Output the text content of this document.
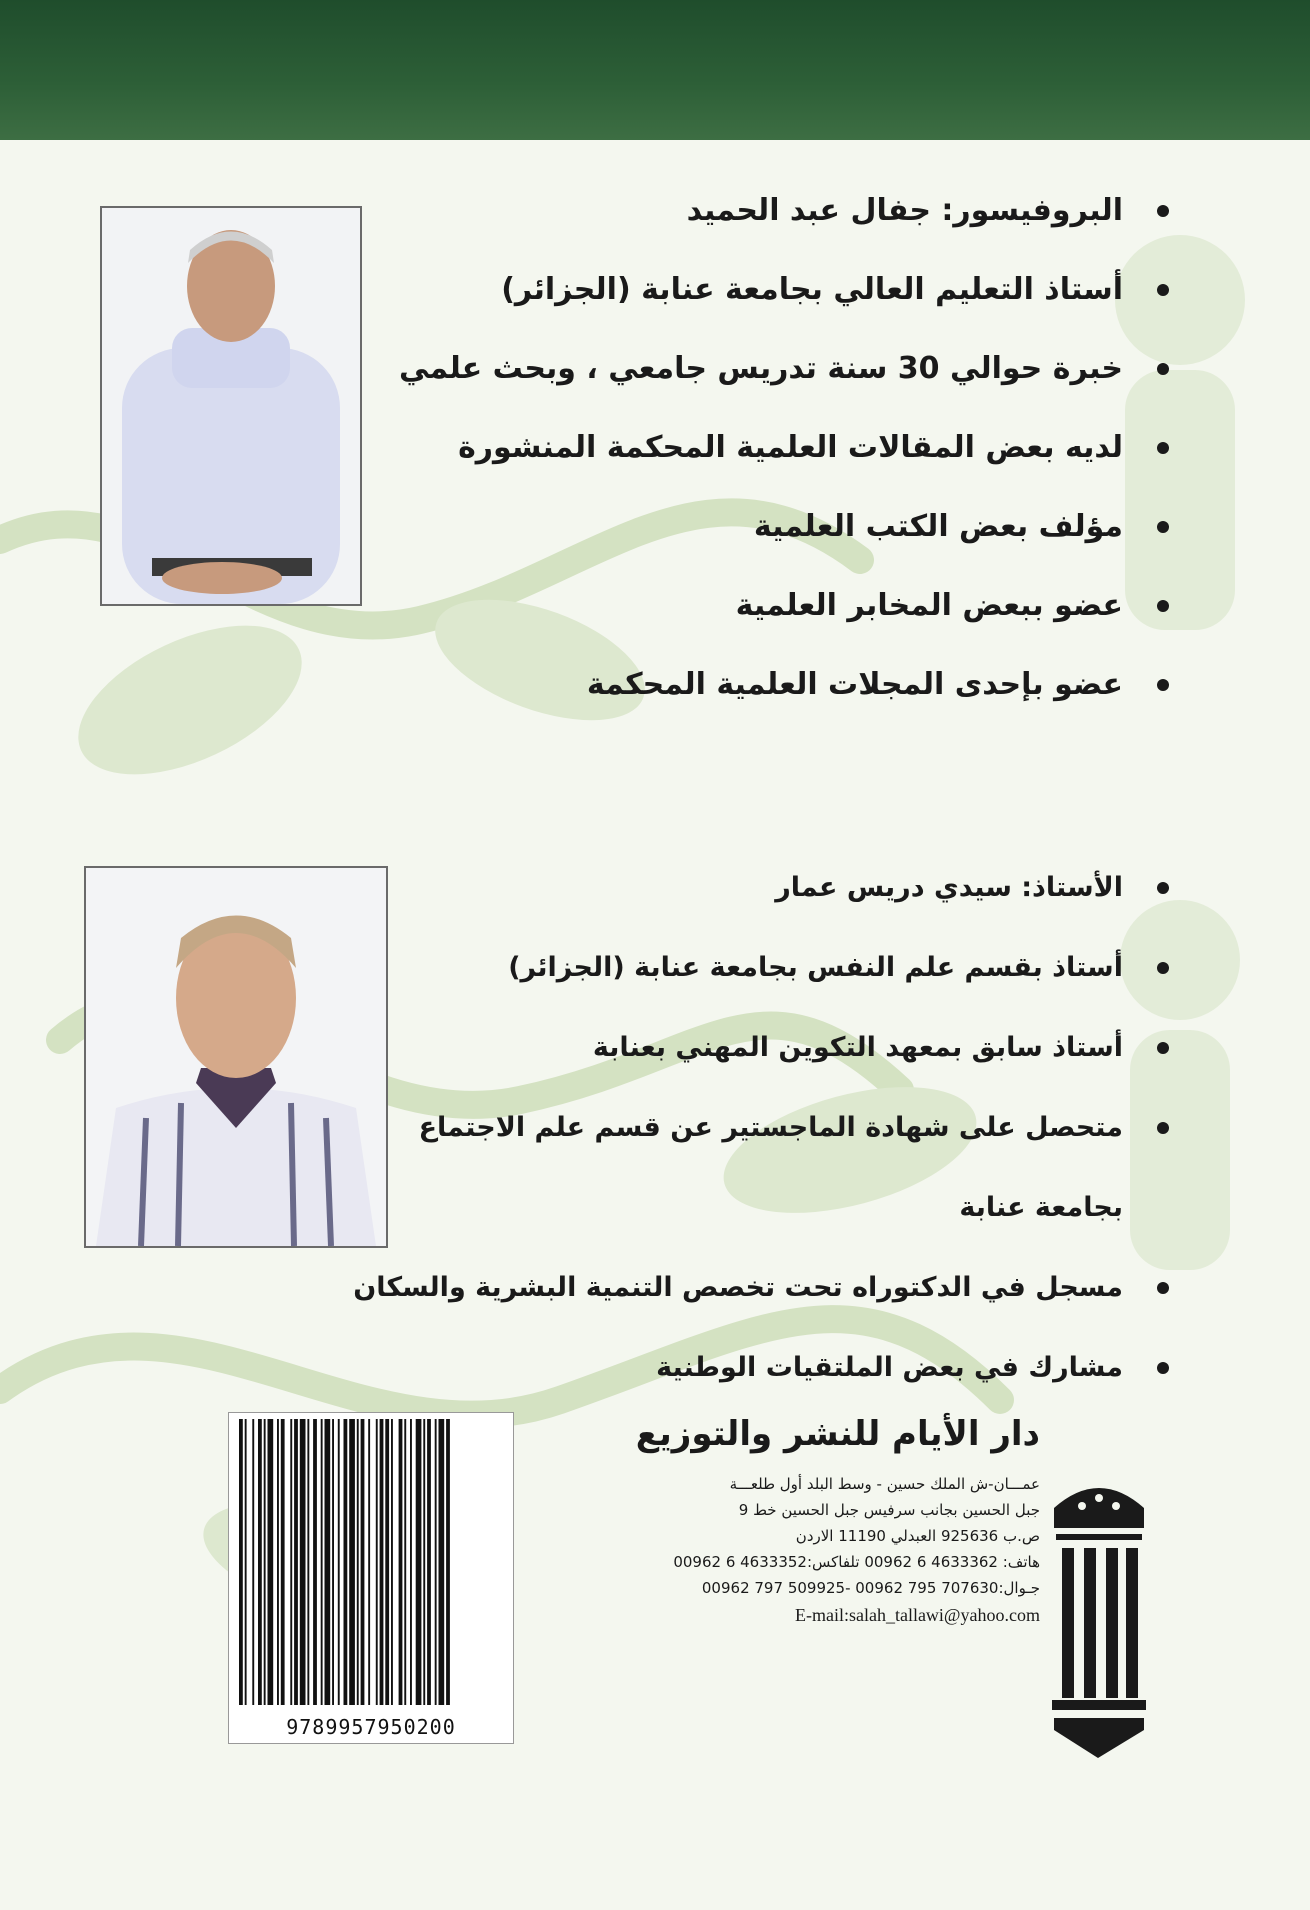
البروفيسور: جفال عبد الحميد
أستاذ التعليم العالي بجامعة عنابة (الجزائر)
خبرة حوالي 30 سنة تدريس جامعي ، وبحث علمي
لديه بعض المقالات العلمية المحكمة المنشورة
مؤلف بعض الكتب العلمية
عضو ببعض المخابر العلمية
عضو بإحدى المجلات العلمية المحكمة
الأستاذ: سيدي دريس عمار
أستاذ بقسم علم النفس بجامعة عنابة (الجزائر)
أستاذ سابق بمعهد التكوين المهني بعنابة
متحصل على شهادة الماجستير عن قسم علم الاجتماع
بجامعة عنابة
مسجل في الدكتوراه تحت تخصص التنمية البشرية والسكان
مشارك في بعض الملتقيات الوطنية
9789957950200
دار الأيام للنشر والتوزيع
عمـــان-ش الملك حسين - وسط البلد أول طلعـــة
جبل الحسين بجانب سرفيس جبل الحسين خط 9
ص.ب 925636 العبدلي 11190 الاردن
هاتف: 4633362 6 00962 تلفاكس:4633352 6 00962
جـوال:707630 795 00962 -509925 797 00962
E-mail:salah_tallawi@yahoo.com
